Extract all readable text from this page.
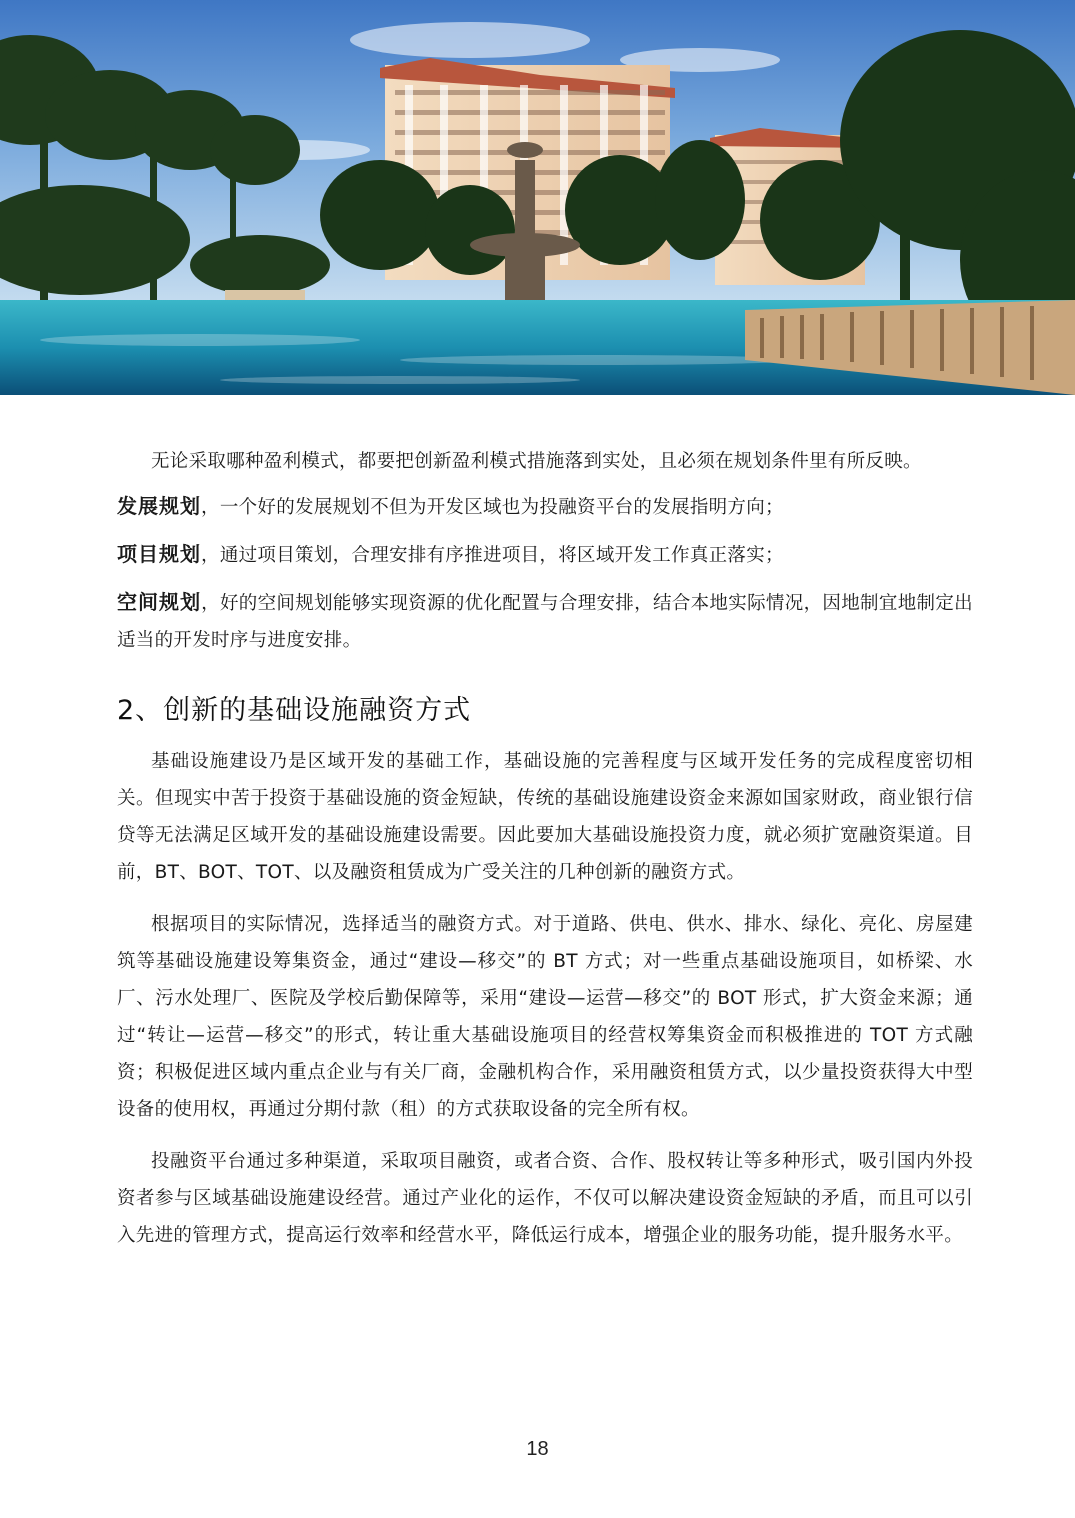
无论采取哪种盈利模式，都要把创新盈利模式措施落到实处，且必须在规划条件里有所反映。

发展规划，一个好的发展规划不但为开发区域也为投融资平台的发展指明方向；

项目规划，通过项目策划，合理安排有序推进项目，将区域开发工作真正落实；

空间规划，好的空间规划能够实现资源的优化配置与合理安排，结合本地实际情况，因地制宜地制定出适当的开发时序与进度安排。

2、创新的基础设施融资方式

基础设施建设乃是区域开发的基础工作，基础设施的完善程度与区域开发任务的完成程度密切相关。但现实中苦于投资于基础设施的资金短缺，传统的基础设施建设资金来源如国家财政，商业银行信贷等无法满足区域开发的基础设施建设需要。因此要加大基础设施投资力度，就必须扩宽融资渠道。目前，BT、BOT、TOT、以及融资租赁成为广受关注的几种创新的融资方式。

根据项目的实际情况，选择适当的融资方式。对于道路、供电、供水、排水、绿化、亮化、房屋建筑等基础设施建设筹集资金，通过“建设—移交”的 BT 方式；对一些重点基础设施项目，如桥梁、水厂、污水处理厂、医院及学校后勤保障等，采用“建设—运营—移交”的 BOT 形式，扩大资金来源；通过“转让—运营—移交”的形式，转让重大基础设施项目的经营权筹集资金而积极推进的 TOT 方式融资；积极促进区域内重点企业与有关厂商，金融机构合作，采用融资租赁方式，以少量投资获得大中型设备的使用权，再通过分期付款（租）的方式获取设备的完全所有权。

投融资平台通过多种渠道，采取项目融资，或者合资、合作、股权转让等多种形式，吸引国内外投资者参与区域基础设施建设经营。通过产业化的运作，不仅可以解决建设资金短缺的矛盾，而且可以引入先进的管理方式，提高运行效率和经营水平，降低运行成本，增强企业的服务功能，提升服务水平。

18
